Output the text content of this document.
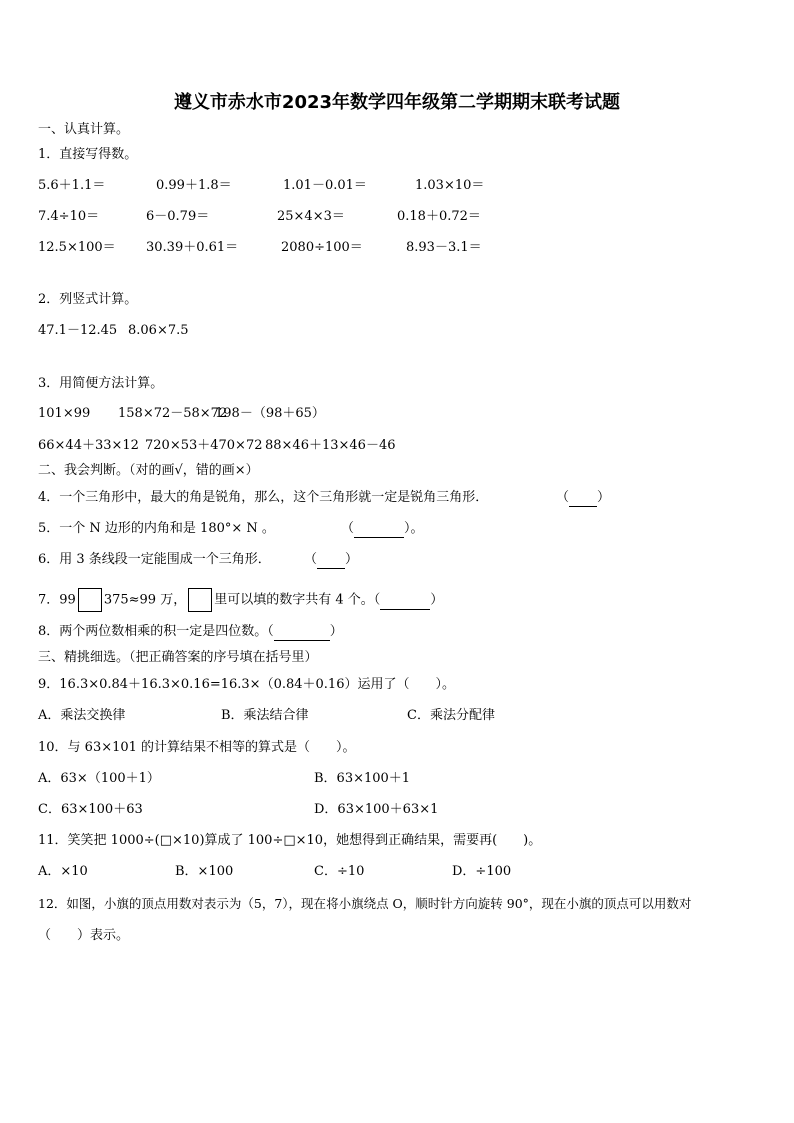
遵义市赤水市2023年数学四年级第二学期期末联考试题
一、认真计算。
1．直接写得数。
5.6＋1.1＝	0.99＋1.8＝	1.01－0.01＝	1.03×10＝
7.4÷10＝	6－0.79＝	25×4×3＝	0.18＋0.72＝
12.5×100＝ 30.39＋0.61＝	2080÷100＝	8.93－3.1＝
2．列竖式计算。
47.1－12.45 8.06×7.5
3．用简便方法计算。
101×99 158×72－58×72
198－（98＋65）
66×44＋33×12 720×53＋470×72 88×46＋13×46－46
二、我会判断。（对的画√，错的画×）
4．一个三角形中，最大的角是锐角，那么，这个三角形就一定是锐角三角形．	（ ）
5．一个 N 边形的内角和是 180°× N 。	（	）。
6．用 3 条线段一定能围成一个三角形．	（ ）
7．99 375≈99 万， 里可以填的数字共有 4 个。（	）
8．两个两位数相乘的积一定是四位数。（	）
三、精挑细选。（把正确答案的序号填在括号里）
9．16.3×0.84＋16.3×0.16=16.3×（0.84＋0.16）运用了（　　）。
A．乘法交换律	B．乘法结合律	C．乘法分配律
10．与 63×101 的计算结果不相等的算式是（　　）。
A．63×（100＋1）	B．63×100＋1
C．63×100＋63	D．63×100＋63×1
11．笑笑把 1000÷(□×10)算成了 100÷□×10，她想得到正确结果，需要再(　　)。
A．×10	B．×100	C．÷10	D．÷100
12．如图，小旗的顶点用数对表示为（5，7），现在将小旗绕点 O，顺时针方向旋转 90°，现在小旗的顶点可以用数对
（　　）表示。
